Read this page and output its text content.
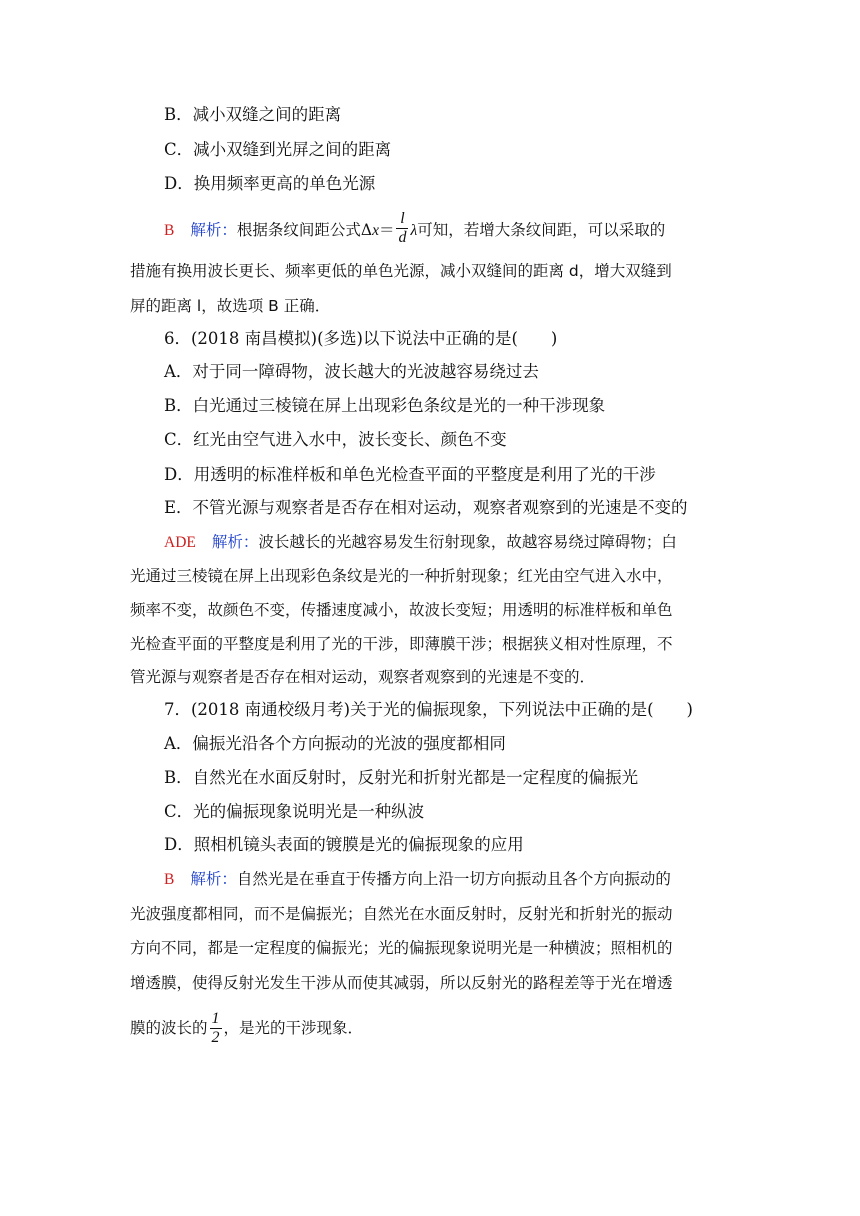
B．减小双缝之间的距离
C．减小双缝到光屏之间的距离
D．换用频率更高的单色光源
B 解析：根据条纹间距公式$\Delta x= \frac{l}{d}$ λ可知，若增大条纹间距，可以采取的
措施有换用波长更长、频率更低的单色光源，减小双缝间的距离 d，增大双缝到
屏的距离 l，故选项 B 正确．
6．(2018 南昌模拟)(多选)以下说法中正确的是(　　)
A．对于同一障碍物，波长越大的光波越容易绕过去
B．白光通过三棱镜在屏上出现彩色条纹是光的一种干涉现象
C．红光由空气进入水中，波长变长、颜色不变
D．用透明的标准样板和单色光检查平面的平整度是利用了光的干涉
E．不管光源与观察者是否存在相对运动，观察者观察到的光速是不变的
ADE 解析：波长越长的光越容易发生衍射现象，故越容易绕过障碍物；白
光通过三棱镜在屏上出现彩色条纹是光的一种折射现象；红光由空气进入水中，
频率不变，故颜色不变，传播速度减小，故波长变短；用透明的标准样板和单色
光检查平面的平整度是利用了光的干涉，即薄膜干涉；根据狭义相对性原理，不
管光源与观察者是否存在相对运动，观察者观察到的光速是不变的．
7．(2018 南通校级月考)关于光的偏振现象，下列说法中正确的是(　　)
A．偏振光沿各个方向振动的光波的强度都相同
B．自然光在水面反射时，反射光和折射光都是一定程度的偏振光
C．光的偏振现象说明光是一种纵波
D．照相机镜头表面的镀膜是光的偏振现象的应用
B 解析：自然光是在垂直于传播方向上沿一切方向振动且各个方向振动的
光波强度都相同，而不是偏振光；自然光在水面反射时，反射光和折射光的振动
方向不同，都是一定程度的偏振光；光的偏振现象说明光是一种横波；照相机的
增透膜，使得反射光发生干涉从而使其减弱，所以反射光的路程差等于光在增透
膜的波长的 $\frac{1}{2}$ ，是光的干涉现象．
